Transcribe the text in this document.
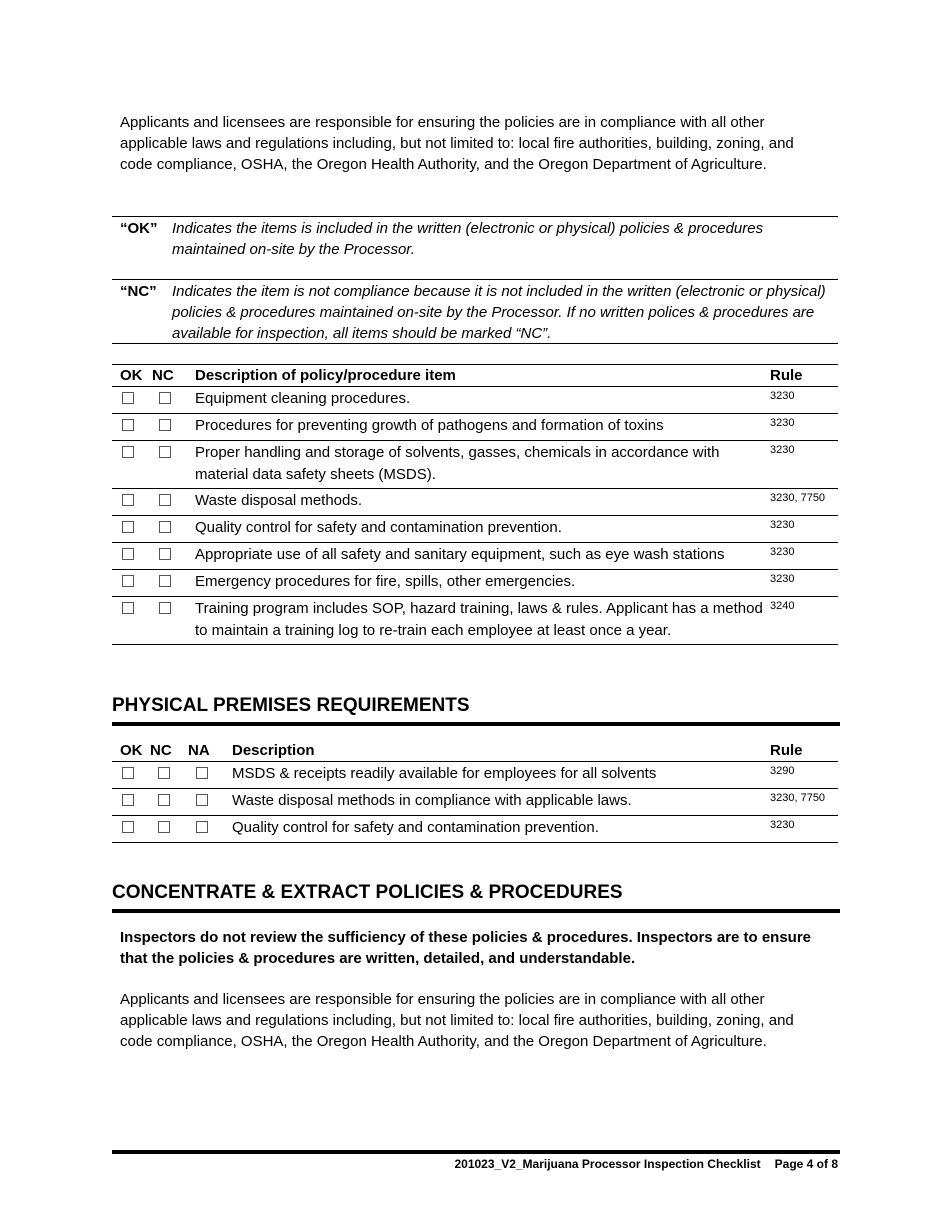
Applicants and licensees are responsible for ensuring the policies are in compliance with all other applicable laws and regulations including, but not limited to: local fire authorities, building, zoning, and code compliance, OSHA, the Oregon Health Authority, and the Oregon Department of Agriculture.

“OK” Indicates the items is included in the written (electronic or physical) policies & procedures maintained on-site by the Processor.
“NC”	Indicates the item is not compliance because it is not included in the written (electronic or physical) policies & procedures maintained on-site by the Processor. If no written polices & procedures are available for inspection, all items should be marked “NC”.
OK	NC	Description of policy/procedure item	Rule
		Equipment cleaning procedures.	3230
		Procedures for preventing growth of pathogens and formation of toxins	3230
		Proper handling and storage of solvents, gasses, chemicals in accordance with material data safety sheets (MSDS).	3230
		Waste disposal methods.	3230, 7750
		Quality control for safety and contamination prevention.	3230
		Appropriate use of all safety and sanitary equipment, such as eye wash stations	3230
		Emergency procedures for fire, spills, other emergencies.	3230
		Training program includes SOP, hazard training, laws & rules. Applicant has a method to maintain a training log to re-train each employee at least once a year.	3240
PHYSICAL PREMISES REQUIREMENTS
OK	NC	NA	Description	Rule
			MSDS & receipts readily available for employees for all solvents	3290
			Waste disposal methods in compliance with applicable laws.	3230, 7750
			Quality control for safety and contamination prevention.	3230
CONCENTRATE & EXTRACT POLICIES & PROCEDURES

Inspectors do not review the sufficiency of these policies & procedures. Inspectors are to ensure that the policies & procedures are written, detailed, and understandable.

Applicants and licensees are responsible for ensuring the policies are in compliance with all other applicable laws and regulations including, but not limited to: local fire authorities, building, zoning, and code compliance, OSHA, the Oregon Health Authority, and the Oregon Department of Agriculture.

201023_V2_Marijuana Processor Inspection Checklist Page 4 of 8
